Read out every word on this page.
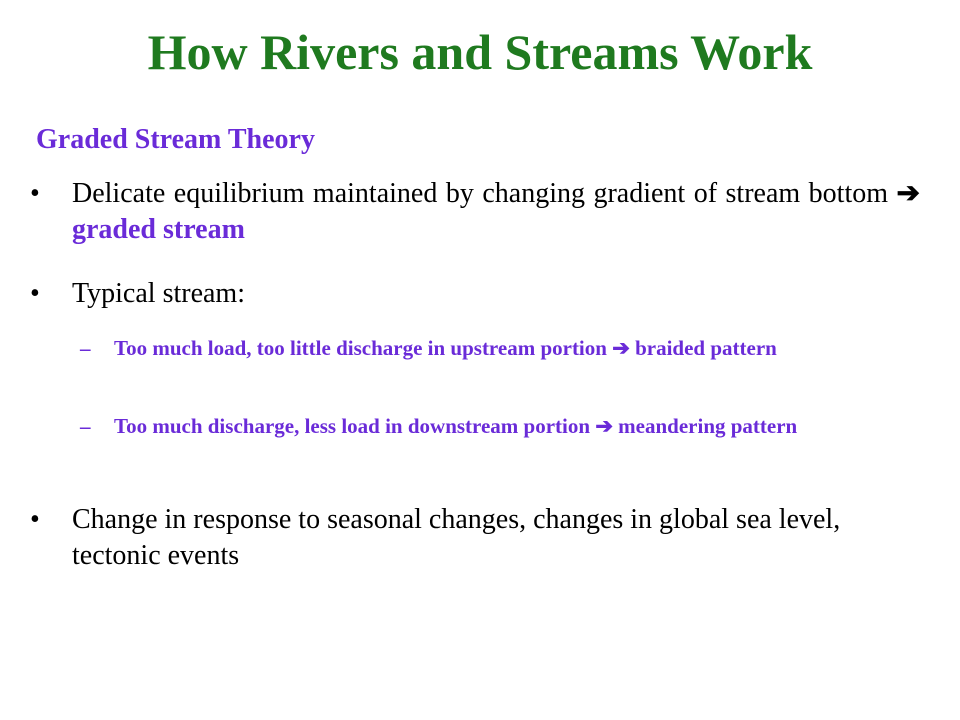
How Rivers and Streams Work
Graded Stream Theory
• Delicate equilibrium maintained by changing gradient of stream bottom ➔ graded stream
• Typical stream:
– Too much load, too little discharge in upstream portion ➔ braided pattern
– Too much discharge, less load in downstream portion ➔ meandering pattern
• Change in response to seasonal changes, changes in global sea level, tectonic events
